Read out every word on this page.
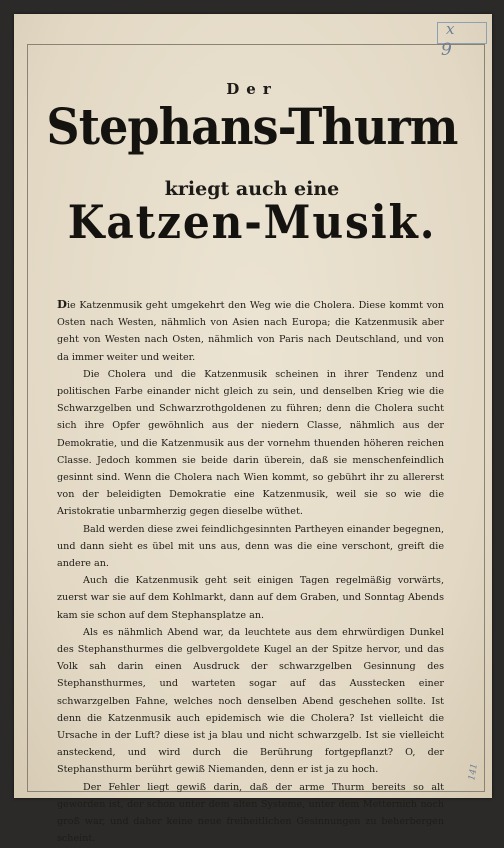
x
9
Der
Stephans-Thurm
kriegt auch eine
Katzen-Musik.

Die Katzenmusik geht umgekehrt den Weg wie die Cholera. Diese kommt von Osten nach Westen, nähmlich von Asien nach Europa; die Katzenmusik aber geht von Westen nach Osten, nähmlich von Paris nach Deutschland, und von da immer weiter und weiter.

Die Cholera und die Katzenmusik scheinen in ihrer Tendenz und politischen Farbe einander nicht gleich zu sein, und denselben Krieg wie die Schwarzgelben und Schwarzrothgoldenen zu führen; denn die Cholera sucht sich ihre Opfer gewöhnlich aus der niedern Classe, nähmlich aus der Demokratie, und die Katzenmusik aus der vornehm thuenden höheren reichen Classe. Jedoch kommen sie beide darin überein, daß sie menschenfeindlich gesinnt sind. Wenn die Cholera nach Wien kommt, so gebührt ihr zu allererst von der beleidigten Demokratie eine Katzenmusik, weil sie so wie die Aristokratie unbarmherzig gegen dieselbe wüthet.

Bald werden diese zwei feindlichgesinnten Partheyen einander begegnen, und dann sieht es übel mit uns aus, denn was die eine verschont, greift die andere an.

Auch die Katzenmusik geht seit einigen Tagen regelmäßig vorwärts, zuerst war sie auf dem Kohlmarkt, dann auf dem Graben, und Sonntag Abends kam sie schon auf dem Stephansplatze an.

Als es nähmlich Abend war, da leuchtete aus dem ehrwürdigen Dunkel des Stephansthurmes die gelbvergoldete Kugel an der Spitze hervor, und das Volk sah darin einen Ausdruck der schwarzgelben Gesinnung des Stephansthurmes, und warteten sogar auf das Ausstecken einer schwarzgelben Fahne, welches noch denselben Abend geschehen sollte. Ist denn die Katzenmusik auch epidemisch wie die Cholera? Ist vielleicht die Ursache in der Luft? diese ist ja blau und nicht schwarzgelb. Ist sie vielleicht ansteckend, und wird durch die Berührung fortgepflanzt? O, der Stephansthurm berührt gewiß Niemanden, denn er ist ja zu hoch.

Der Fehler liegt gewiß darin, daß der arme Thurm bereits so alt geworden ist, der schon unter dem alten Systeme, unter dem Metternich noch groß war, und daher keine neue freiheitlichen Gesinnungen zu beherbergen scheint.

141
